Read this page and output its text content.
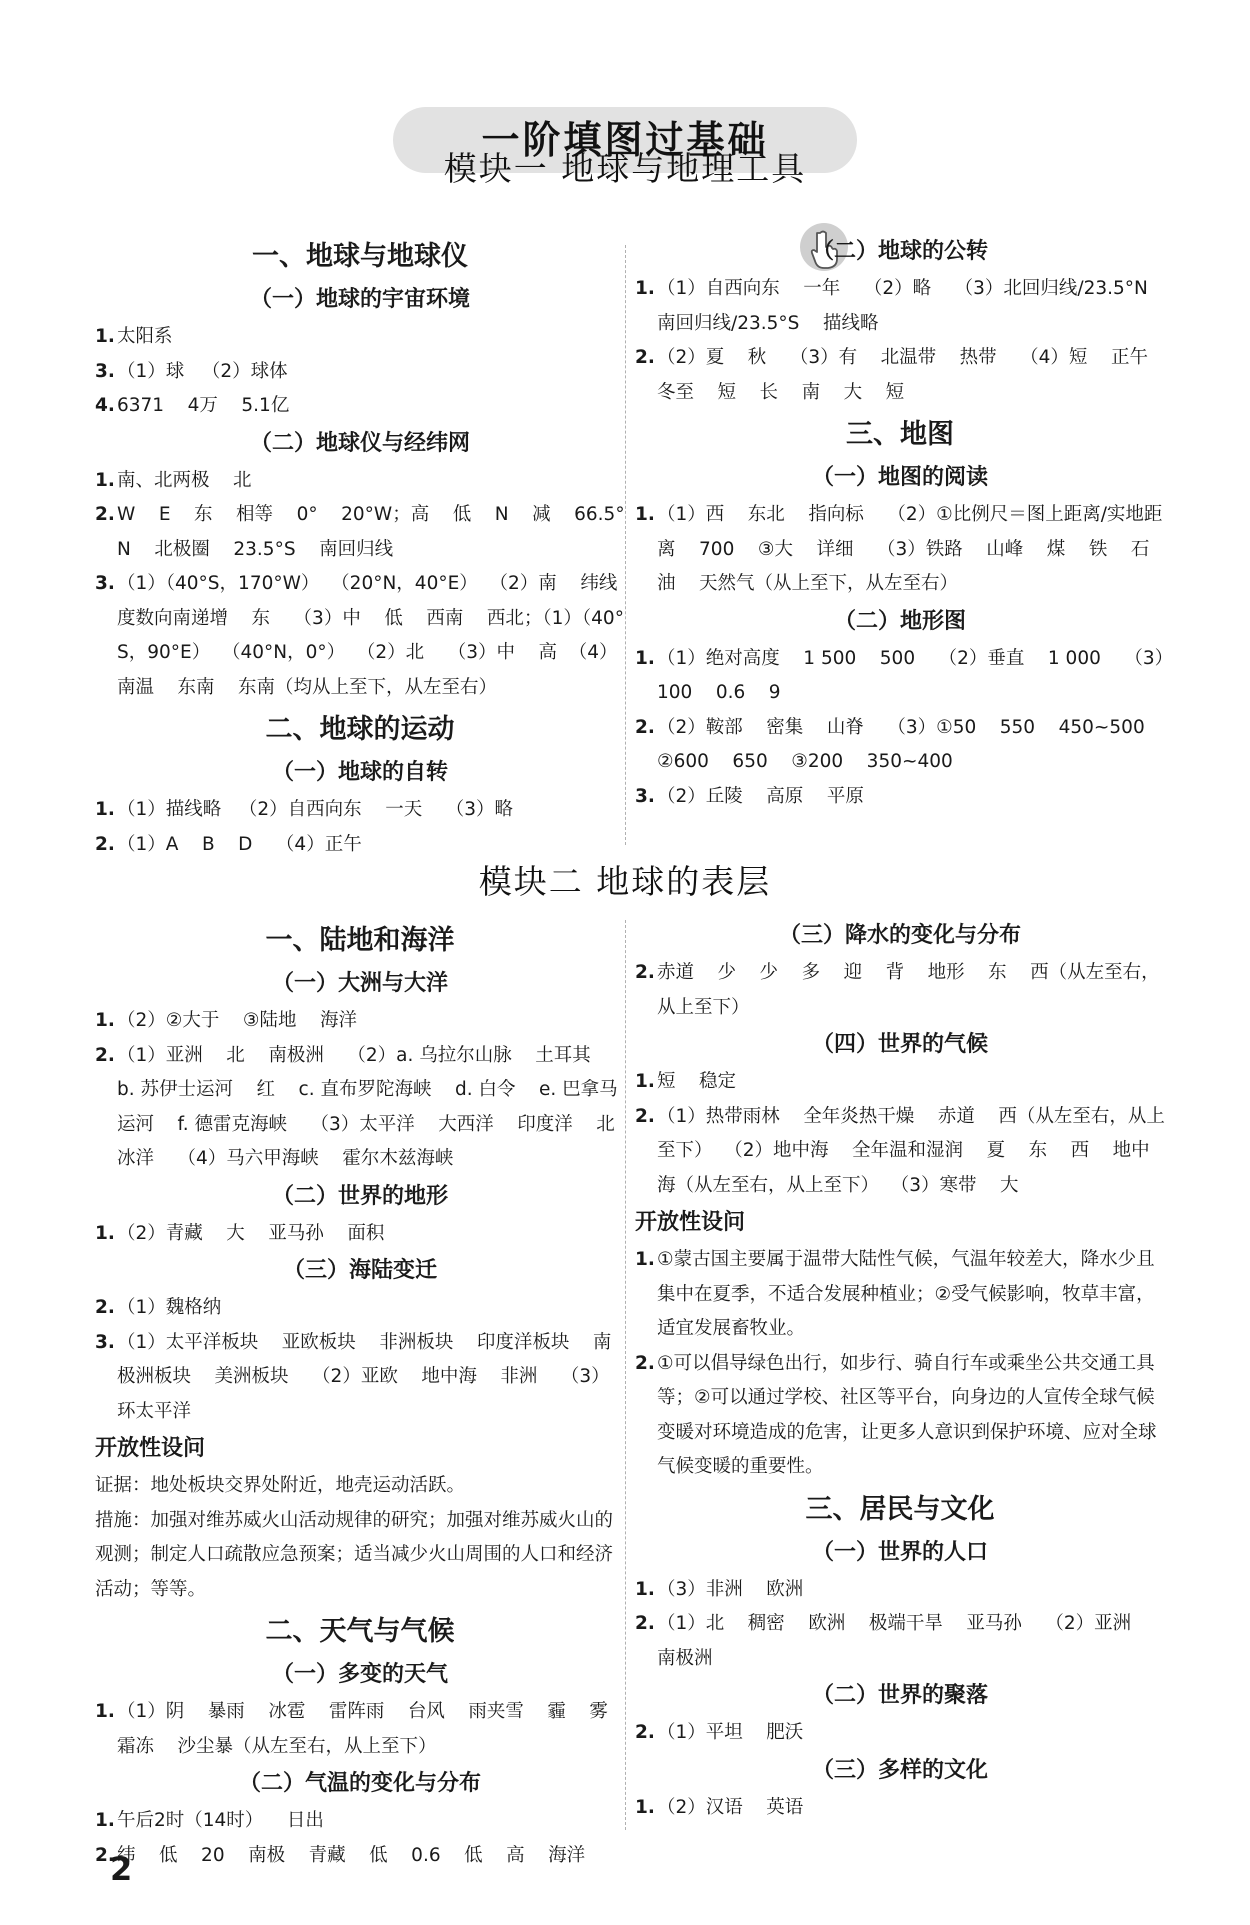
一阶填图过基础
模块一 地球与地理工具
一、地球与地球仪
（一）地球的宇宙环境
1. 太阳系
3. （1）球   （2）球体
4. 6371    4万    5.1亿
（二）地球仪与经纬网
1. 南、北两极    北
2. W    E    东    相等    0°    20°W；高    低    N    减    66.5°N    北极圈    23.5°S    南回归线
3. （1）（40°S，170°W）  （20°N，40°E）  （2）南    纬线度数向南递增    东    （3）中    低    西南    西北；（1）（40°S，90°E）  （40°N，0°）  （2）北    （3）中    高  （4）南温    东南    东南（均从上至下，从左至右）
二、地球的运动
（一）地球的自转
1. （1）描线略   （2）自西向东    一天    （3）略
2. （1）A    B    D    （4）正午
（二）地球的公转
1. （1）自西向东    一年    （2）略    （3）北回归线/23.5°N    南回归线/23.5°S    描线略
2. （2）夏    秋    （3）有    北温带    热带    （4）短    正午    冬至    短    长    南    大    短
三、地图
（一）地图的阅读
1. （1）西    东北    指向标    （2）①比例尺＝图上距离/实地距离    700    ③大    详细    （3）铁路    山峰    煤    铁    石油    天然气（从上至下，从左至右）
（二）地形图
1. （1）绝对高度    1 500    500    （2）垂直    1 000    （3）100    0.6    9
2. （2）鞍部    密集    山脊    （3）①50    550    450~500    ②600    650    ③200    350~400
3. （2）丘陵    高原    平原
模块二 地球的表层
一、陆地和海洋
（一）大洲与大洋
1. （2）②大于    ③陆地    海洋
2. （1）亚洲    北    南极洲    （2）a. 乌拉尔山脉    土耳其    b. 苏伊士运河    红    c. 直布罗陀海峡    d. 白令    e. 巴拿马运河    f. 德雷克海峡    （3）太平洋    大西洋    印度洋    北冰洋    （4）马六甲海峡    霍尔木兹海峡
（二）世界的地形
1. （2）青藏    大    亚马孙    面积
（三）海陆变迁
2. （1）魏格纳
3. （1）太平洋板块    亚欧板块    非洲板块    印度洋板块    南极洲板块    美洲板块    （2）亚欧    地中海    非洲    （3）环太平洋
开放性设问
证据：地处板块交界处附近，地壳运动活跃。
措施：加强对维苏威火山活动规律的研究；加强对维苏威火山的观测；制定人口疏散应急预案；适当减少火山周围的人口和经济活动；等等。
二、天气与气候
（一）多变的天气
1. （1）阴    暴雨    冰雹    雷阵雨    台风    雨夹雪    霾    雾    霜冻    沙尘暴（从左至右，从上至下）
（二）气温的变化与分布
1. 午后2时（14时）    日出
2. 纬    低    20    南极    青藏    低    0.6    低    高    海洋
（三）降水的变化与分布
2. 赤道    少    少    多    迎    背    地形    东    西（从左至右，从上至下）
（四）世界的气候
1. 短    稳定
2. （1）热带雨林    全年炎热干燥    赤道    西（从左至右，从上至下）  （2）地中海    全年温和湿润    夏    东    西    地中海（从左至右，从上至下）  （3）寒带    大
开放性设问
1. ①蒙古国主要属于温带大陆性气候，气温年较差大，降水少且集中在夏季，不适合发展种植业；②受气候影响，牧草丰富，适宜发展畜牧业。
2. ①可以倡导绿色出行，如步行、骑自行车或乘坐公共交通工具等；②可以通过学校、社区等平台，向身边的人宣传全球气候变暖对环境造成的危害，让更多人意识到保护环境、应对全球气候变暖的重要性。
三、居民与文化
（一）世界的人口
1. （3）非洲    欧洲
2. （1）北    稠密    欧洲    极端干旱    亚马孙    （2）亚洲    南极洲
（二）世界的聚落
2. （1）平坦    肥沃
（三）多样的文化
1. （2）汉语    英语
2
